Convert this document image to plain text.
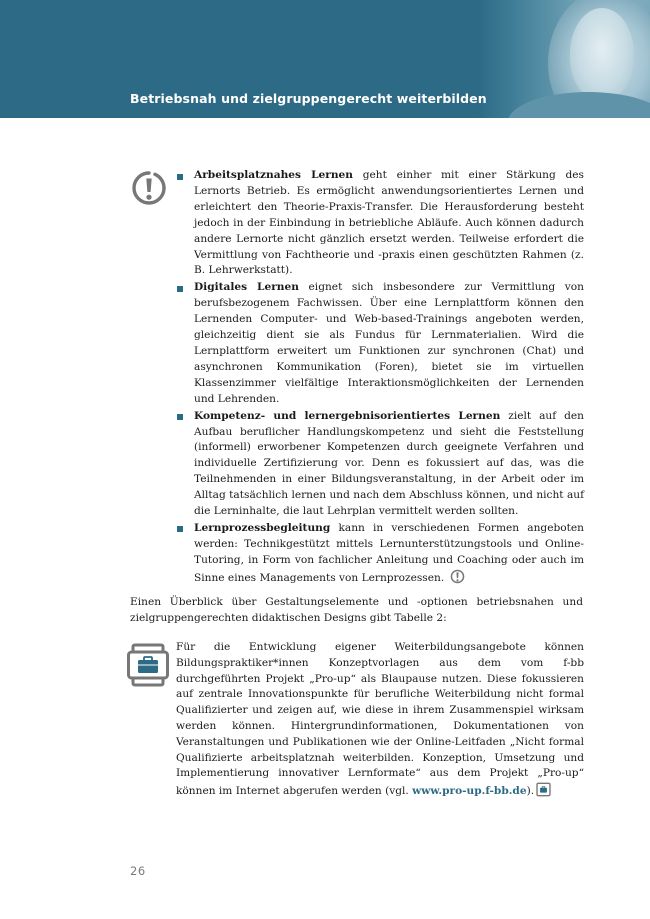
Betriebsnah und zielgruppengerecht weiterbilden
Arbeitsplatznahes Lernen geht einher mit einer Stärkung des Lernorts Betrieb. Es ermöglicht anwendungsorientiertes Lernen und erleichtert den Theorie-Praxis-Transfer. Die Herausforderung besteht jedoch in der Einbindung in betriebliche Abläufe. Auch können dadurch andere Lernorte nicht gänzlich ersetzt werden. Teilweise erfordert die Vermittlung von Fachtheorie und -praxis einen geschützten Rahmen (z. B. Lehrwerkstatt).
Digitales Lernen eignet sich insbesondere zur Vermittlung von berufsbezogenem Fachwissen. Über eine Lernplattform können den Lernenden Computer- und Web-based-Trainings angeboten werden, gleichzeitig dient sie als Fundus für Lernmaterialien. Wird die Lernplattform erweitert um Funktionen zur synchronen (Chat) und asynchronen Kommunikation (Foren), bietet sie im virtuellen Klassenzimmer vielfältige Interaktionsmöglichkeiten der Lernenden und Lehrenden.
Kompetenz- und lernergebnisorientiertes Lernen zielt auf den Aufbau beruflicher Handlungskompetenz und sieht die Feststellung (informell) erworbener Kompetenzen durch geeignete Verfahren und individuelle Zertifizierung vor. Denn es fokussiert auf das, was die Teilnehmenden in einer Bildungsveranstaltung, in der Arbeit oder im Alltag tatsächlich lernen und nach dem Abschluss können, und nicht auf die Lerninhalte, die laut Lehrplan vermittelt werden sollten.
Lernprozessbegleitung kann in verschiedenen Formen angeboten werden: Technikgestützt mittels Lernunterstützungstools und Online-Tutoring, in Form von fachlicher Anleitung und Coaching oder auch im Sinne eines Managements von Lernprozessen.

Einen Überblick über Gestaltungselemente und -optionen betriebsnahen und zielgruppengerechten didaktischen Designs gibt Tabelle 2:

Für die Entwicklung eigener Weiterbildungsangebote können Bildungspraktiker*innen Konzeptvorlagen aus dem vom f-bb durchgeführten Projekt „Pro-up“ als Blaupause nutzen. Diese fokussieren auf zentrale Innovationspunkte für berufliche Weiterbildung nicht formal Qualifizierter und zeigen auf, wie diese in ihrem Zusammenspiel wirksam werden können. Hintergrundinformationen, Dokumentationen von Veranstaltungen und Publikationen wie der Online-Leitfaden „Nicht formal Qualifizierte arbeitsplatznah weiterbilden. Konzeption, Umsetzung und Implementierung innovativer Lernformate“ aus dem Projekt „Pro-up“ können im Internet abgerufen werden (vgl. www.pro-up.f-bb.de).

26
